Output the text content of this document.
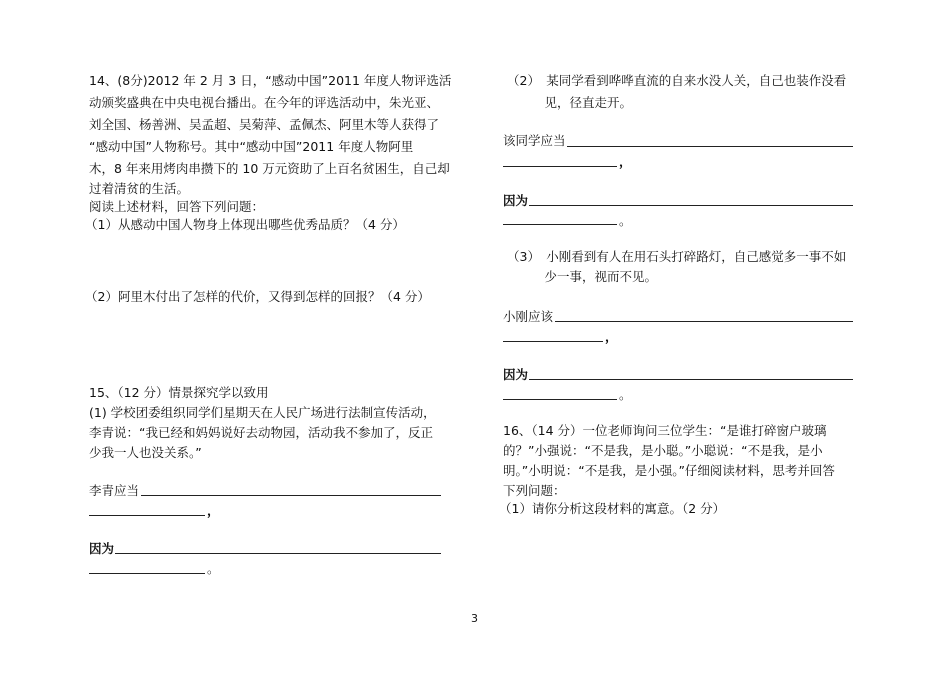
14、(8分)2012 年 2 月 3 日，“感动中国”2011 年度人物评选活
动颁奖盛典在中央电视台播出。在今年的评选活动中，朱光亚、
刘全国、杨善洲、吴孟超、吴菊萍、孟佩杰、阿里木等人获得了
“感动中国”人物称号。其中“感动中国”2011 年度人物阿里
木，8 年来用烤肉串攒下的 10 万元资助了上百名贫困生，自己却
过着清贫的生活。
阅读上述材料，回答下列问题：
（1）从感动中国人物身上体现出哪些优秀品质？（4 分）
（2）阿里木付出了怎样的代价，又得到怎样的回报？（4 分）
15、（12 分）情景探究学以致用
(1) 学校团委组织同学们星期天在人民广场进行法制宣传活动，
李青说：“我已经和妈妈说好去动物园，活动我不参加了，反正
少我一人也没关系。”
李青应当
，
因为
。
（2）　某同学看到哗哗直流的自来水没人关，自己也装作没看
　　　见，径直走开。
该同学应当
，
因为
。
（3）　小刚看到有人在用石头打碎路灯，自己感觉多一事不如
　　　少一事，视而不见。
小刚应该
，
因为
。
16、（14 分）一位老师询问三位学生：“是谁打碎窗户玻璃
的？”小强说：“不是我，是小聪。”小聪说：“不是我，是小
明。”小明说：“不是我，是小强。”仔细阅读材料，思考并回答
下列问题：
（1）请你分析这段材料的寓意。（2 分）
3
